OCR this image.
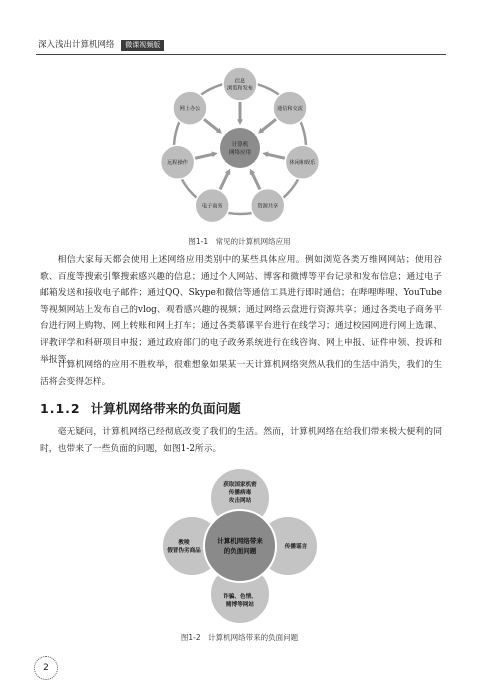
深入浅出计算机网络 微课视频版
计算机
网络应用
信息
浏览和发布
通信和交流
休闲和娱乐
资源共享
电子商务
远程操作
网上办公
图1-1　常见的计算机网络应用

相信大家每天都会使用上述网络应用类别中的某些具体应用。例如浏览各类万维网网站；使用谷歌、百度等搜索引擎搜索感兴趣的信息；通过个人网站、博客和微博等平台记录和发布信息；通过电子邮箱发送和接收电子邮件；通过QQ、Skype和微信等通信工具进行即时通信；在哔哩哔哩、YouTube等视频网站上发布自己的vlog、观看感兴趣的视频；通过网络云盘进行资源共享；通过各类电子商务平台进行网上购物、网上转账和网上打车；通过各类慕课平台进行在线学习；通过校园网进行网上选课、评教评学和科研项目申报；通过政府部门的电子政务系统进行在线咨询、网上申报、证件申领、投诉和举报等。

计算机网络的应用不胜枚举，很难想象如果某一天计算机网络突然从我们的生活中消失，我们的生活将会变得怎样。

1.1.2 计算机网络带来的负面问题

毫无疑问，计算机网络已经彻底改变了我们的生活。然而，计算机网络在给我们带来极大便利的同时，也带来了一些负面的问题，如图1-2所示。

获取国家机密
传播病毒
攻击网站
传播谣言
诈骗、色情、
赌博等网站
教唆
假冒伪劣商品
计算机网络带来
的负面问题
图1-2　计算机网络带来的负面问题
2
